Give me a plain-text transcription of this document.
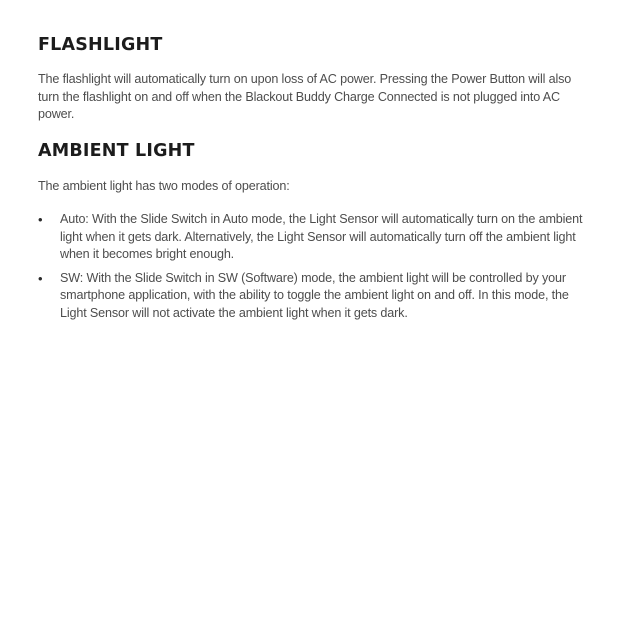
FLASHLIGHT

The flashlight will automatically turn on upon loss of AC power. Pressing the Power Button will also turn the flashlight on and off when the Blackout Buddy Charge Connected is not plugged into AC power.

AMBIENT LIGHT

The ambient light has two modes of operation:

• Auto: With the Slide Switch in Auto mode, the Light Sensor will automatically turn on the ambient light when it gets dark. Alternatively, the Light Sensor will automatically turn off the ambient light when it becomes bright enough.
• SW: With the Slide Switch in SW (Software) mode, the ambient light will be controlled by your smartphone application, with the ability to toggle the ambient light on and off. In this mode, the Light Sensor will not activate the ambient light when it gets dark.
